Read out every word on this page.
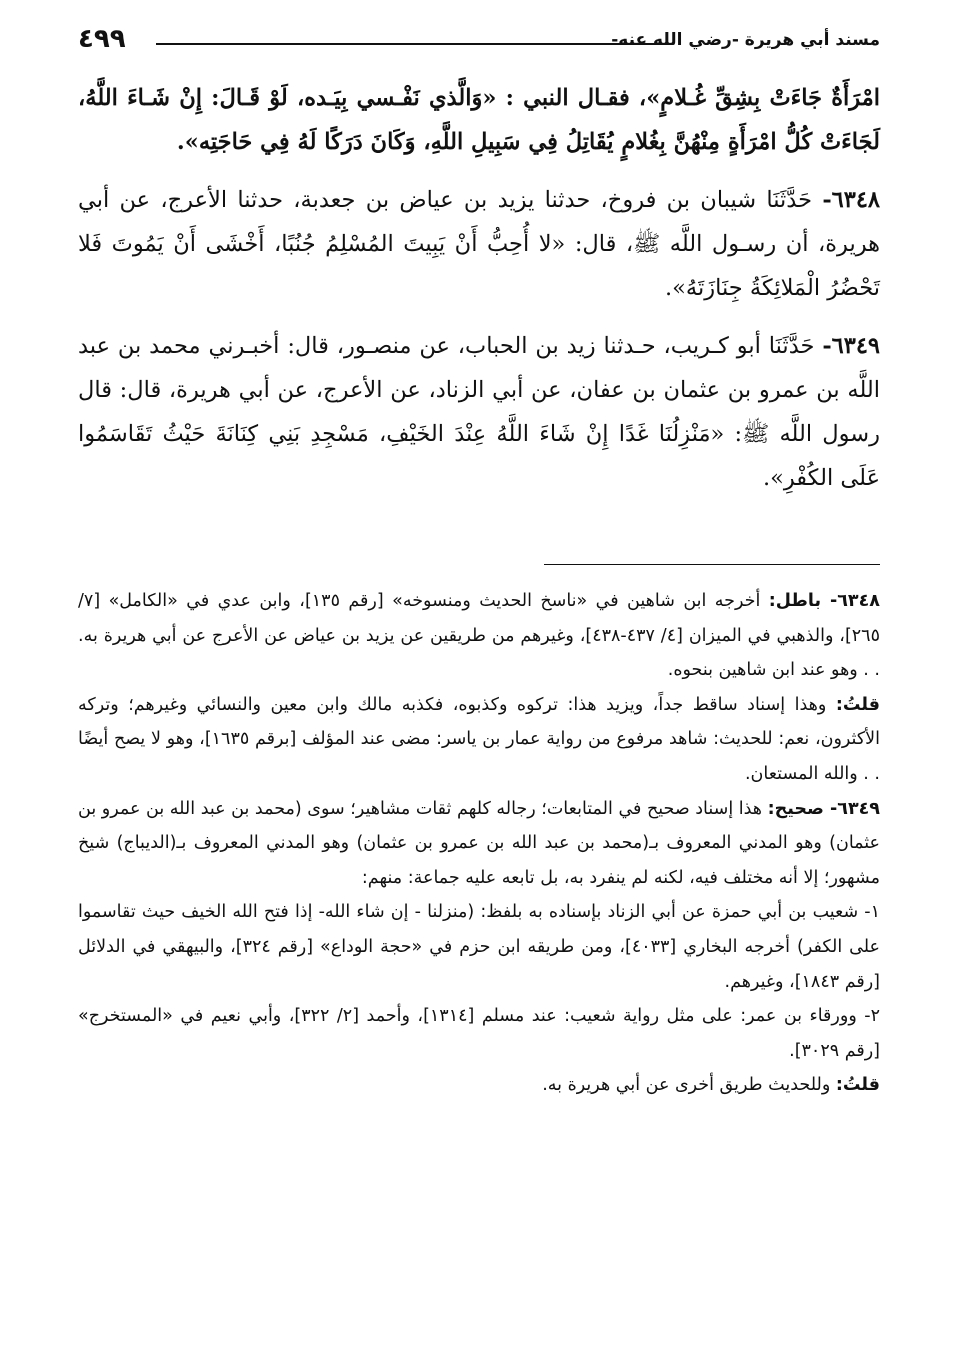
مسند أبي هريرة -رضي الله عنه-
٤٩٩

امْرَأَةٌ جَاءَتْ بِشِقِّ غُـلامٍ»، فقـال النبي : «وَالَّذي نَفْـسي بِيَـده، لَوْ قَـالَ: إِنْ شَـاءَ اللَّهُ، لَجَاءَتْ كُلُّ امْرَأَةٍ مِنْهُنَّ بِغُلامٍ يُقَاتِلُ فِي سَبِيلِ اللَّهِ، وَكَانَ دَرَكًا لَهُ فِي حَاجَتِه».

٦٣٤٨- حَدَّثَنَا شيبان بن فروخ، حدثنا يزيد بن عياض بن جعدبة، حدثنا الأعرج، عن أبي هريرة، أن رسـول اللَّه ﷺ، قال: «لا أُحِبُّ أَنْ يَبِيتَ المُسْلِمُ جُنُبًا، أَخْشَى أَنْ يَمُوتَ فَلا تَحْضُرُ الْمَلائِكَةُ جِنَازَتَهُ».

٦٣٤٩- حَدَّثَنَا أبو كـريب، حـدثنا زيد بن الحباب، عن منصـور، قال: أخبـرني محمد بن عبد اللَّه بن عمرو بن عثمان بن عفان، عن أبي الزناد، عن الأعرج، عن أبي هريرة، قال: قال رسول اللَّه ﷺ: «مَنْزِلُنَا غَدًا إِنْ شَاءَ اللَّهُ عِنْدَ الخَيْفِ، مَسْجِدِ بَنِي كِنَانَةَ حَيْثُ تَقَاسَمُوا عَلَى الكُفْرِ».

٦٣٤٨- باطل: أخرجه ابن شاهين في «ناسخ الحديث ومنسوخه» [رقم ١٣٥]، وابن عدي في «الكامل» [٧/ ٢٦٥]، والذهبي في الميزان [٤/ ٤٣٧-٤٣٨]، وغيرهم من طريقين عن يزيد بن عياض عن الأعرج عن أبي هريرة به. . . وهو عند ابن شاهين بنحوه.

قلتُ: وهذا إسناد ساقط جداً، ويزيد هذا: تركوه وكذبوه، فكذبه مالك وابن معين والنسائي وغيرهم؛ وتركه الأكثرون، نعم: للحديث: شاهد مرفوع من رواية عمار بن ياسر: مضى عند المؤلف [برقم ١٦٣٥]، وهو لا يصح أيضًا . . والله المستعان.

٦٣٤٩- صحيح: هذا إسناد صحيح في المتابعات؛ رجاله كلهم ثقات مشاهير؛ سوى (محمد بن عبد الله بن عمرو بن عثمان) وهو المدني المعروف بـ(محمد بن عبد الله بن عمرو بن عثمان) وهو المدني المعروف بـ(الديباج) شيخ مشهور؛ إلا أنه مختلف فيه، لكنه لم ينفرد به، بل تابعه عليه جماعة: منهم:

١- شعيب بن أبي حمزة عن أبي الزناد بإسناده به بلفظ: (منزلنا - إن شاء الله- إذا فتح الله الخيف حيث تقاسموا على الكفر) أخرجه البخاري [٤٠٣٣]، ومن طريقه ابن حزم في «حجة الوداع» [رقم ٣٢٤]، والبيهقي في الدلائل [رقم ١٨٤٣]، وغيرهم.

٢- وورقاء بن عمر: على مثل رواية شعيب: عند مسلم [١٣١٤]، وأحمد [٢/ ٣٢٢]، وأبي نعيم في «المستخرج» [رقم ٣٠٢٩].

قلتُ: وللحديث طريق أخرى عن أبي هريرة به.
